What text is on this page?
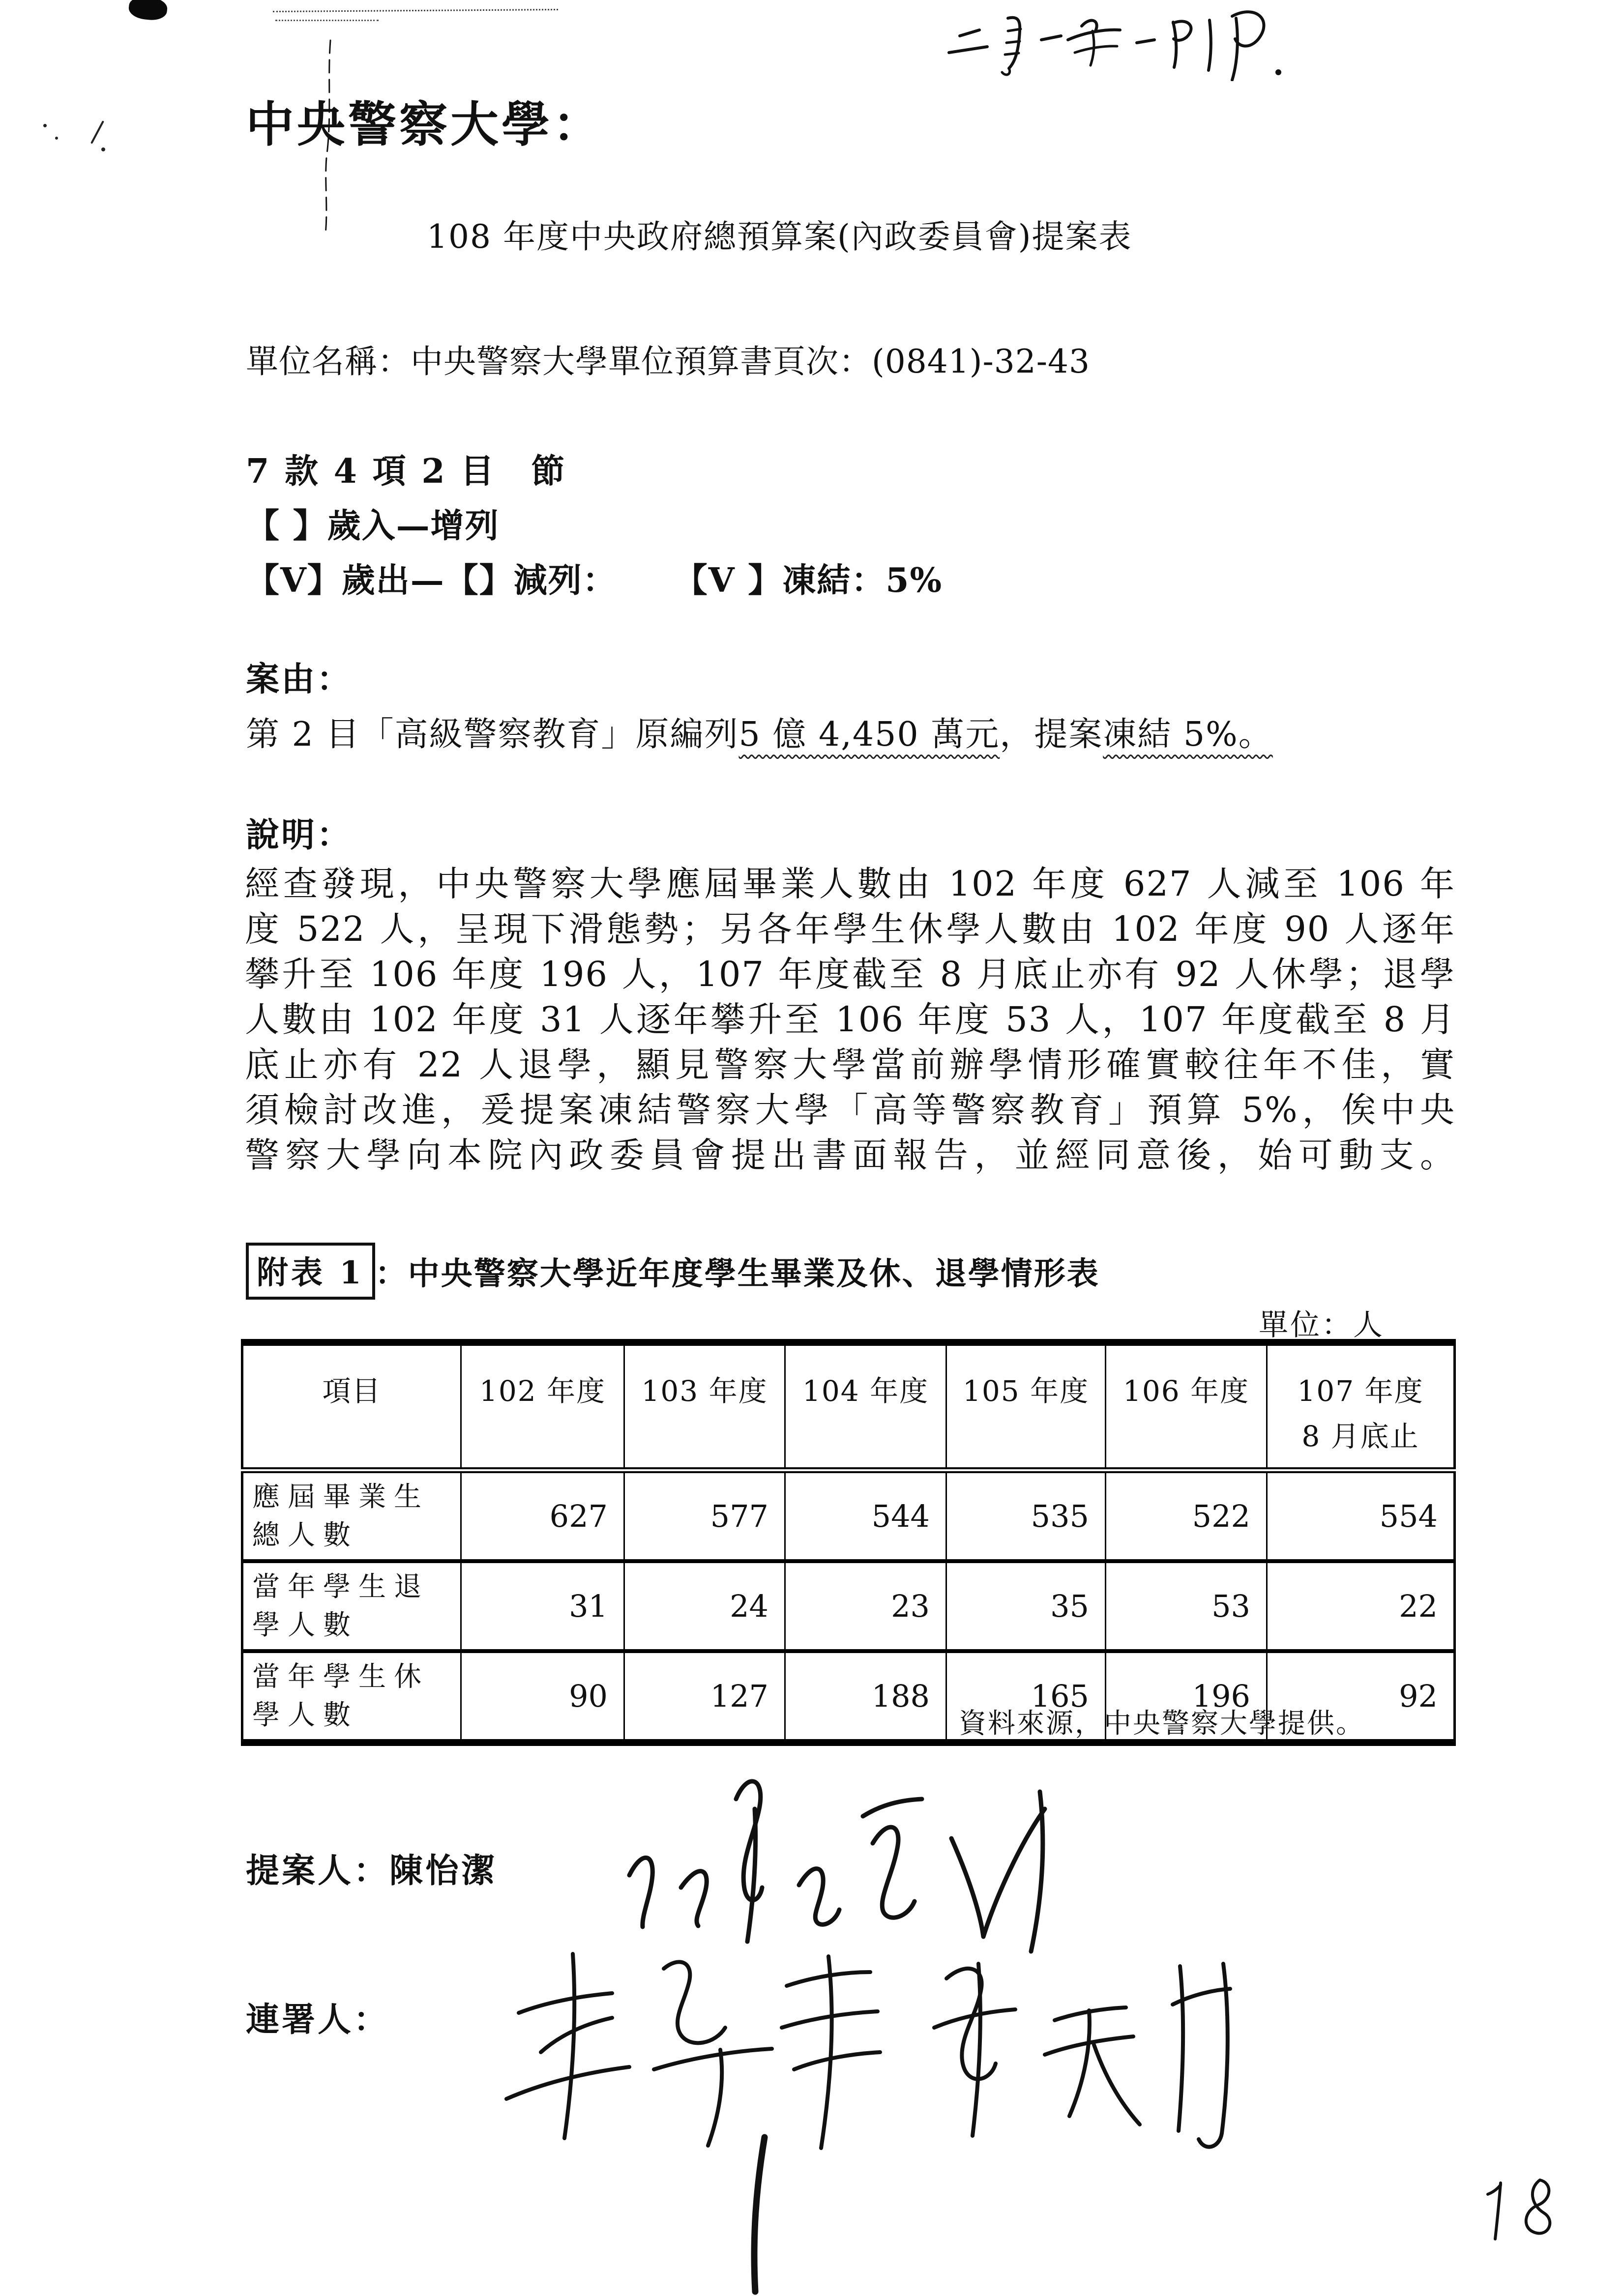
中央警察大學：
108 年度中央政府總預算案(內政委員會)提案表
單位名稱：中央警察大學單位預算書頁次：(0841)-32-43
7 款 4 項 2 目　節
【 】歲入—增列
【V】歲出—【】減列： 【V 】凍結：5%
案由：
第 2 目「高級警察教育」原編列5 億 4,450 萬元，提案凍結 5%。
說明：
經查發現，中央警察大學應屆畢業人數由 102 年度 627 人減至 106 年
度 522 人，呈現下滑態勢；另各年學生休學人數由 102 年度 90 人逐年
攀升至 106 年度 196 人，107 年度截至 8 月底止亦有 92 人休學；退學
人數由 102 年度 31 人逐年攀升至 106 年度 53 人，107 年度截至 8 月
底止亦有 22 人退學，顯見警察大學當前辦學情形確實較往年不佳，實
須檢討改進，爰提案凍結警察大學「高等警察教育」預算 5%，俟中央
警察大學向本院內政委員會提出書面報告，並經同意後，始可動支。
附表 1 ：中央警察大學近年度學生畢業及休、退學情形表
單位：人
項目	102 年度	103 年度	104 年度	105 年度	106 年度	107 年度
8 月底止

應屆畢業生
總人數	627	577	544	535	522	554

當年學生退
學人數	31	24	23	35	53	22

當年學生休
學人數	90	127	188	165	196	92
資料來源，中央警察大學提供。
提案人：陳怡潔
連署人：
